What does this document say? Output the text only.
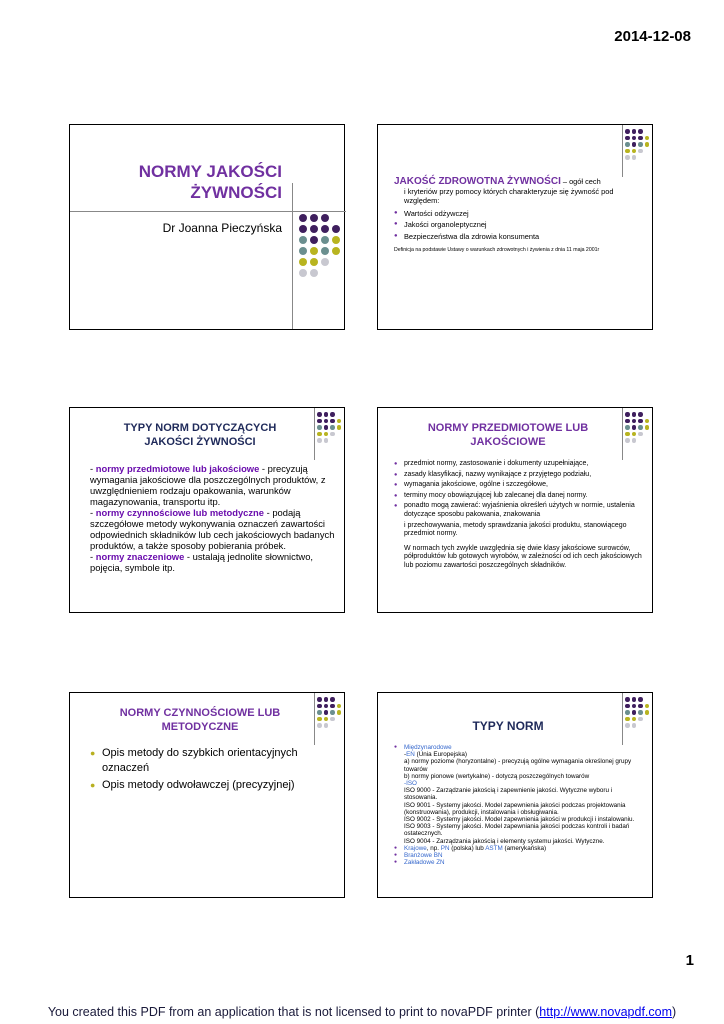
2014-12-08
NORMY JAKOŚCI
ŻYWNOŚCI
Dr Joanna Pieczyńska
JAKOŚĆ ZDROWOTNA ŻYWNOŚCI – ogół cech
i kryteriów przy pomocy których charakteryzuje się żywność pod względem:
● Wartości odżywczej
● Jakości organoleptycznej
● Bezpieczeństwa dla zdrowia konsumenta
Definicja na podstawie Ustawy o warunkach zdrowotnych i żywienia z dnia 11 maja 2001r
TYPY NORM DOTYCZĄCYCH
JAKOŚCI ŻYWNOŚCI
- normy przedmiotowe lub jakościowe - precyzują wymagania jakościowe dla poszczególnych produktów, z uwzględnieniem rodzaju opakowania, warunków magazynowania, transportu itp.
- normy czynnościowe lub metodyczne - podają szczegółowe metody wykonywania oznaczeń zawartości odpowiednich składników lub cech jakościowych badanych produktów, a także sposoby pobierania próbek.
- normy znaczeniowe - ustalają jednolite słownictwo, pojęcia, symbole itp.
NORMY PRZEDMIOTOWE LUB
JAKOŚCIOWE
● przedmiot normy, zastosowanie i dokumenty uzupełniające,
● zasady klasyfikacji, nazwy wynikające z przyjętego podziału,
● wymagania jakościowe, ogólne i szczegółowe,
● terminy mocy obowiązującej lub zalecanej dla danej normy.
● ponadto mogą zawierać: wyjaśnienia określeń użytych w normie, ustalenia dotyczące sposobu pakowania, znakowania
i przechowywania, metody sprawdzania jakości produktu, stanowiącego przedmiot normy.
W normach tych zwykle uwzględnia się dwie klasy jakościowe surowców, półproduktów lub gotowych wyrobów, w zależności od ich cech jakościowych lub poziomu zawartości poszczególnych składników.
NORMY CZYNNOŚCIOWE LUB
METODYCZNE
● Opis metody do szybkich orientacyjnych oznaczeń
● Opis metody odwoławczej (precyzyjnej)
TYPY NORM
● Międzynarodowe
-EN (Unia Europejska)
a) normy poziome (horyzontalne) - precyzują ogólne wymagania określonej grupy towarów
b) normy pionowe (wertykalne) - dotyczą poszczególnych towarów
-ISO
ISO 9000 - Zarządzanie jakością i zapewnienie jakości. Wytyczne wyboru i stosowania.
ISO 9001 - Systemy jakości. Model zapewnienia jakości podczas projektowania (konstruowania), produkcji, instalowania i obsługiwania.
ISO 9002 - Systemy jakości. Model zapewnienia jakości w produkcji i instalowaniu.
ISO 9003 - Systemy jakości. Model zapewniania jakości podczas kontroli i badań ostatecznych.
ISO 9004 - Zarządzania jakością i elementy systemu jakości. Wytyczne.
● Krajowe, np. PN (polska) lub ASTM (amerykańska)
● Branżowe BN
● Zakładowe ZN
1
You created this PDF from an application that is not licensed to print to novaPDF printer (http://www.novapdf.com)
